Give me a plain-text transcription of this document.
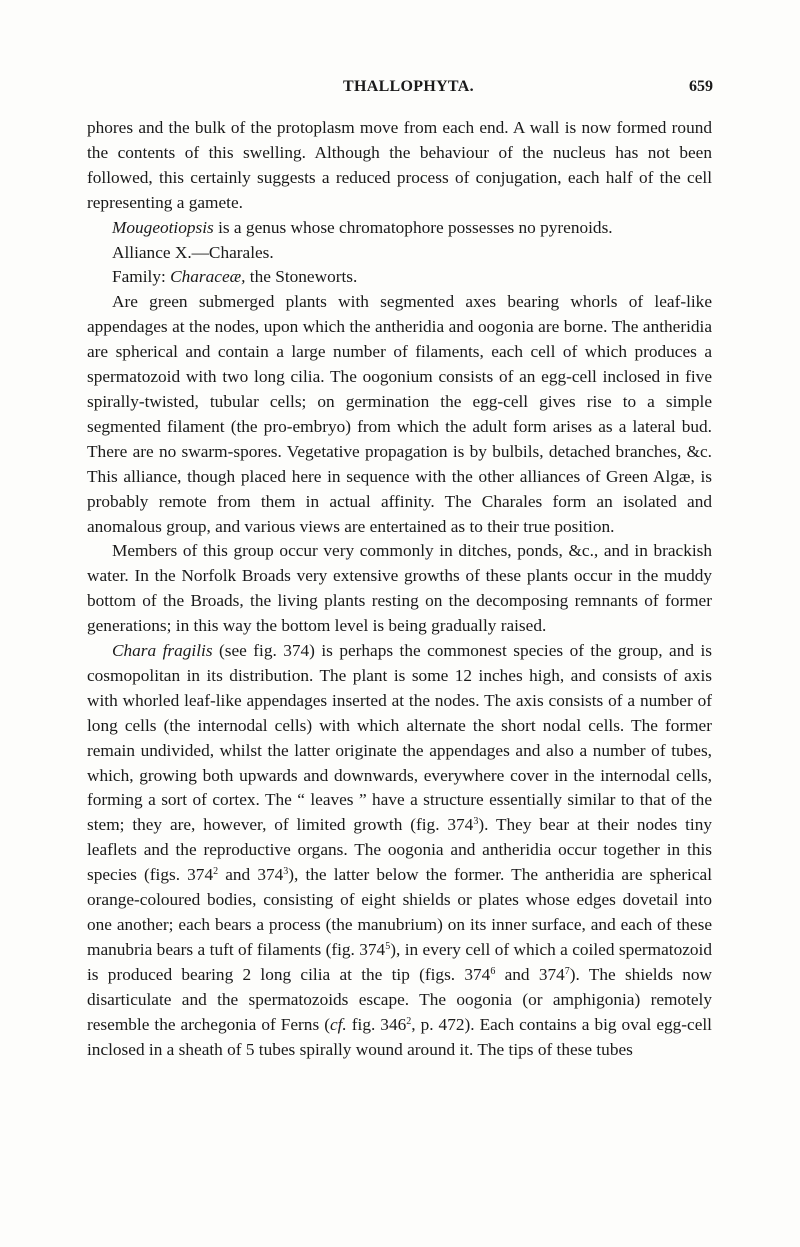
THALLOPHYTA.	659

phores and the bulk of the protoplasm move from each end. A wall is now formed round the contents of this swelling. Although the behaviour of the nucleus has not been followed, this certainly suggests a reduced process of conjugation, each half of the cell representing a gamete.

Mougeotiopsis is a genus whose chromatophore possesses no pyrenoids.

Alliance X.—Charales.

Family: Characeæ, the Stoneworts.

Are green submerged plants with segmented axes bearing whorls of leaf-like appendages at the nodes, upon which the antheridia and oogonia are borne. The antheridia are spherical and contain a large number of filaments, each cell of which produces a spermatozoid with two long cilia. The oogonium consists of an egg-cell inclosed in five spirally-twisted, tubular cells; on germination the egg-cell gives rise to a simple segmented filament (the pro-embryo) from which the adult form arises as a lateral bud. There are no swarm-spores. Vegetative propagation is by bulbils, detached branches, &c. This alliance, though placed here in sequence with the other alliances of Green Algæ, is probably remote from them in actual affinity. The Charales form an isolated and anomalous group, and various views are entertained as to their true position.

Members of this group occur very commonly in ditches, ponds, &c., and in brackish water. In the Norfolk Broads very extensive growths of these plants occur in the muddy bottom of the Broads, the living plants resting on the decomposing remnants of former generations; in this way the bottom level is being gradually raised.

Chara fragilis (see fig. 374) is perhaps the commonest species of the group, and is cosmopolitan in its distribution. The plant is some 12 inches high, and consists of axis with whorled leaf-like appendages inserted at the nodes. The axis consists of a number of long cells (the internodal cells) with which alternate the short nodal cells. The former remain undivided, whilst the latter originate the appendages and also a number of tubes, which, growing both upwards and downwards, everywhere cover in the internodal cells, forming a sort of cortex. The “ leaves ” have a structure essentially similar to that of the stem; they are, however, of limited growth (fig. $374^3$). They bear at their nodes tiny leaflets and the reproductive organs. The oogonia and antheridia occur together in this species (figs. $374^2$ and $374^3$), the latter below the former. The antheridia are spherical orange-coloured bodies, consisting of eight shields or plates whose edges dovetail into one another; each bears a process (the manubrium) on its inner surface, and each of these manubria bears a tuft of filaments (fig. $374^5$), in every cell of which a coiled spermatozoid is produced bearing 2 long cilia at the tip (figs. $374^6$ and $374^7$). The shields now disarticulate and the spermatozoids escape. The oogonia (or amphigonia) remotely resemble the archegonia of Ferns (cf. fig. $346^2$, p. 472). Each contains a big oval egg-cell inclosed in a sheath of 5 tubes spirally wound around it. The tips of these tubes
